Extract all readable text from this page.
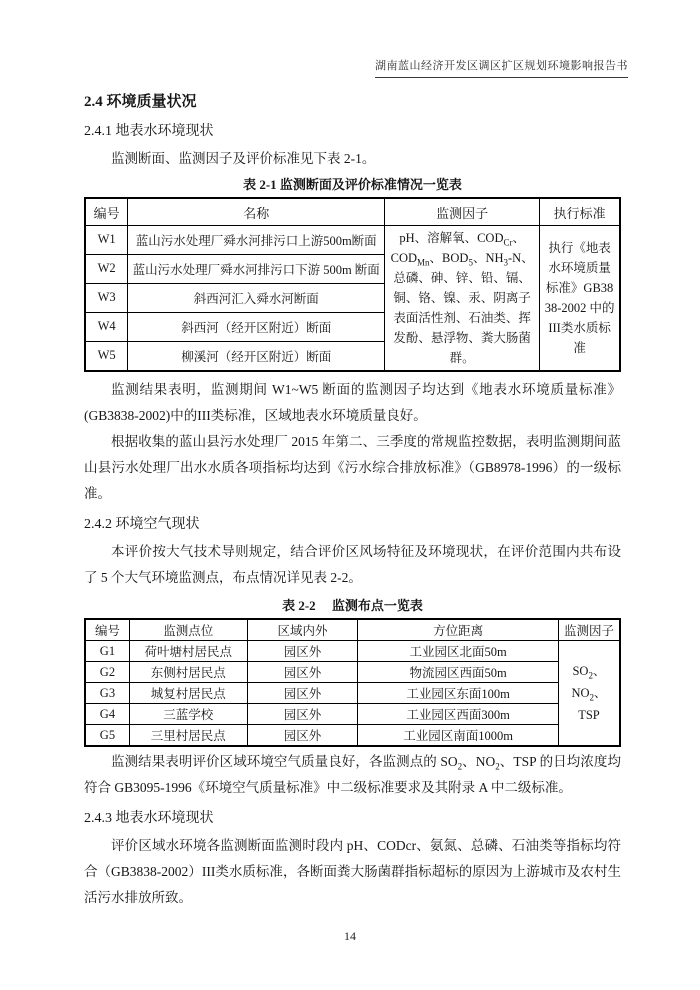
湖南蓝山经济开发区调区扩区规划环境影响报告书
2.4 环境质量状况
2.4.1 地表水环境现状

监测断面、监测因子及评价标准见下表 2-1。

表 2-1 监测断面及评价标准情况一览表
编号	名称	监测因子	执行标准
W1	蓝山污水处理厂舜水河排污口上游500m断面	pH、溶解氧、$COD_{Cr}$、$COD_{Mn}$、$BOD_5$、$NH_3-N$、总磷、砷、锌、铅、镉、铜、铬、镍、汞、阴离子表面活性剂、石油类、挥发酚、悬浮物、粪大肠菌群。	执行《地表水环境质量标准》GB3838-2002 中的III类水质标准
W2	蓝山污水处理厂舜水河排污口下游 500m 断面		
W3	斜西河汇入舜水河断面		
W4	斜西河（经开区附近）断面		
W5	柳溪河（经开区附近）断面		

监测结果表明，监测期间 W1~W5 断面的监测因子均达到《地表水环境质量标准》(GB3838-2002)中的III类标准，区域地表水环境质量良好。

根据收集的蓝山县污水处理厂 2015 年第二、三季度的常规监控数据，表明监测期间蓝山县污水处理厂出水水质各项指标均达到《污水综合排放标准》（GB8978-1996）的一级标准。

2.4.2 环境空气现状

本评价按大气技术导则规定，结合评价区风场特征及环境现状，在评价范围内共布设了 5 个大气环境监测点，布点情况详见表 2-2。

表 2-2　 监测布点一览表
编号	监测点位	区域内外	方位距离	监测因子
G1	荷叶塘村居民点	园区外	工业园区北面50m	$SO_2$、$NO_2$、TSP
G2	东侧村居民点	园区外	物流园区西面50m	
G3	城复村居民点	园区外	工业园区东面100m	
G4	三蓝学校	园区外	工业园区西面300m	
G5	三里村居民点	园区外	工业园区南面1000m	

监测结果表明评价区域环境空气质量良好，各监测点的 $SO_2$、$NO_2$、TSP 的日均浓度均符合 GB3095-1996《环境空气质量标准》中二级标准要求及其附录 A 中二级标准。

2.4.3 地表水环境现状

评价区域水环境各监测断面监测时段内 pH、CODcr、氨氮、总磷、石油类等指标均符合（GB3838-2002）III类水质标准，各断面粪大肠菌群指标超标的原因为上游城市及农村生活污水排放所致。

14
